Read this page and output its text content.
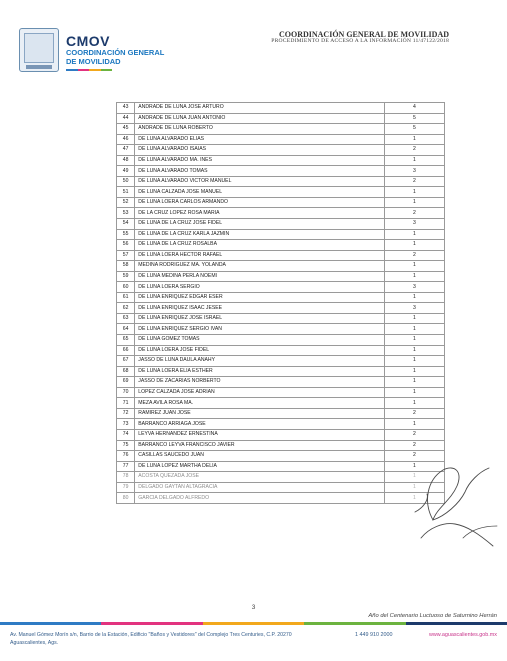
CMOV
COORDINACIÓN GENERAL
DE MOVILIDAD
COORDINACIÓN GENERAL DE MOVILIDAD
PROCEDIMIENTO DE ACCESO A LA INFORMACIÓN 11/47122/2018
43	ANDRADE DE LUNA JOSE ARTURO	4
44	ANDRADE DE LUNA JUAN ANTONIO	5
45	ANDRADE DE LUNA ROBERTO	5
46	DE LUNA ALVARADO ELIAS	1
47	DE LUNA ALVARADO ISAIAS	2
48	DE LUNA ALVARADO MA. INES	1
49	DE LUNA ALVARADO TOMAS	3
50	DE LUNA ALVARADO VICTOR MANUEL	2
51	DE LUNA CALZADA JOSE MANUEL	1
52	DE LUNA LOERA CARLOS ARMANDO	1
53	DE LA CRUZ LOPEZ ROSA MARIA	2
54	DE LUNA DE LA CRUZ JOSE FIDEL	3
55	DE LUNA DE LA CRUZ KARLA JAZMIN	1
56	DE LUNA DE LA CRUZ ROSALBA	1
57	DE LUNA LOERA HECTOR RAFAEL	2
58	MEDINA RODRIGUEZ MA. YOLANDA	1
59	DE LUNA MEDINA PERLA NOEMI	1
60	DE LUNA LOERA SERGIO	3
61	DE LUNA ENRIQUEZ EDGAR ESER	1
62	DE LUNA ENRIQUEZ ISAAC JESEE	3
63	DE LUNA ENRIQUEZ JOSE ISRAEL	1
64	DE LUNA ENRIQUEZ SERGIO IVAN	1
65	DE LUNA GOMEZ TOMAS	1
66	DE LUNA LOERA JOSE FIDEL	1
67	JASSO DE LUNA DAULA ANAHY	1
68	DE LUNA LOERA ELIA ESTHER	1
69	JASSO DE ZACARIAS NORBERTO	1
70	LOPEZ CALZADA JOSE ADRIAN	1
71	MEZA AVILA ROSA MA.	1
72	RAMIREZ JUAN JOSE	2
73	BARRANCO ARRIAGA JOSE	1
74	LEYVA HERNANDEZ ERNESTINA	2
75	BARRANCO LEYVA FRANCISCO JAVIER	2
76	CASILLAS SAUCEDO JUAN	2
77	DE LUNA LOPEZ MARTHA DELIA	1
78	ACOSTA QUEZADA JOSE	1
79	DELGADO GAYTAN ALTAGRACIA	1
80	GARCIA DELGADO ALFREDO	1
3
Año del Centenario Luctuoso de Saturnino Herrán
Av. Manuel Gómez Morín s/n, Barrio de la Estación, Edificio "Baños y Vestidores" del Complejo Tres Centuries, C.P. 20270
Aguascalientes, Ags.
1 449 910 2000	www.aguascalientes.gob.mx
